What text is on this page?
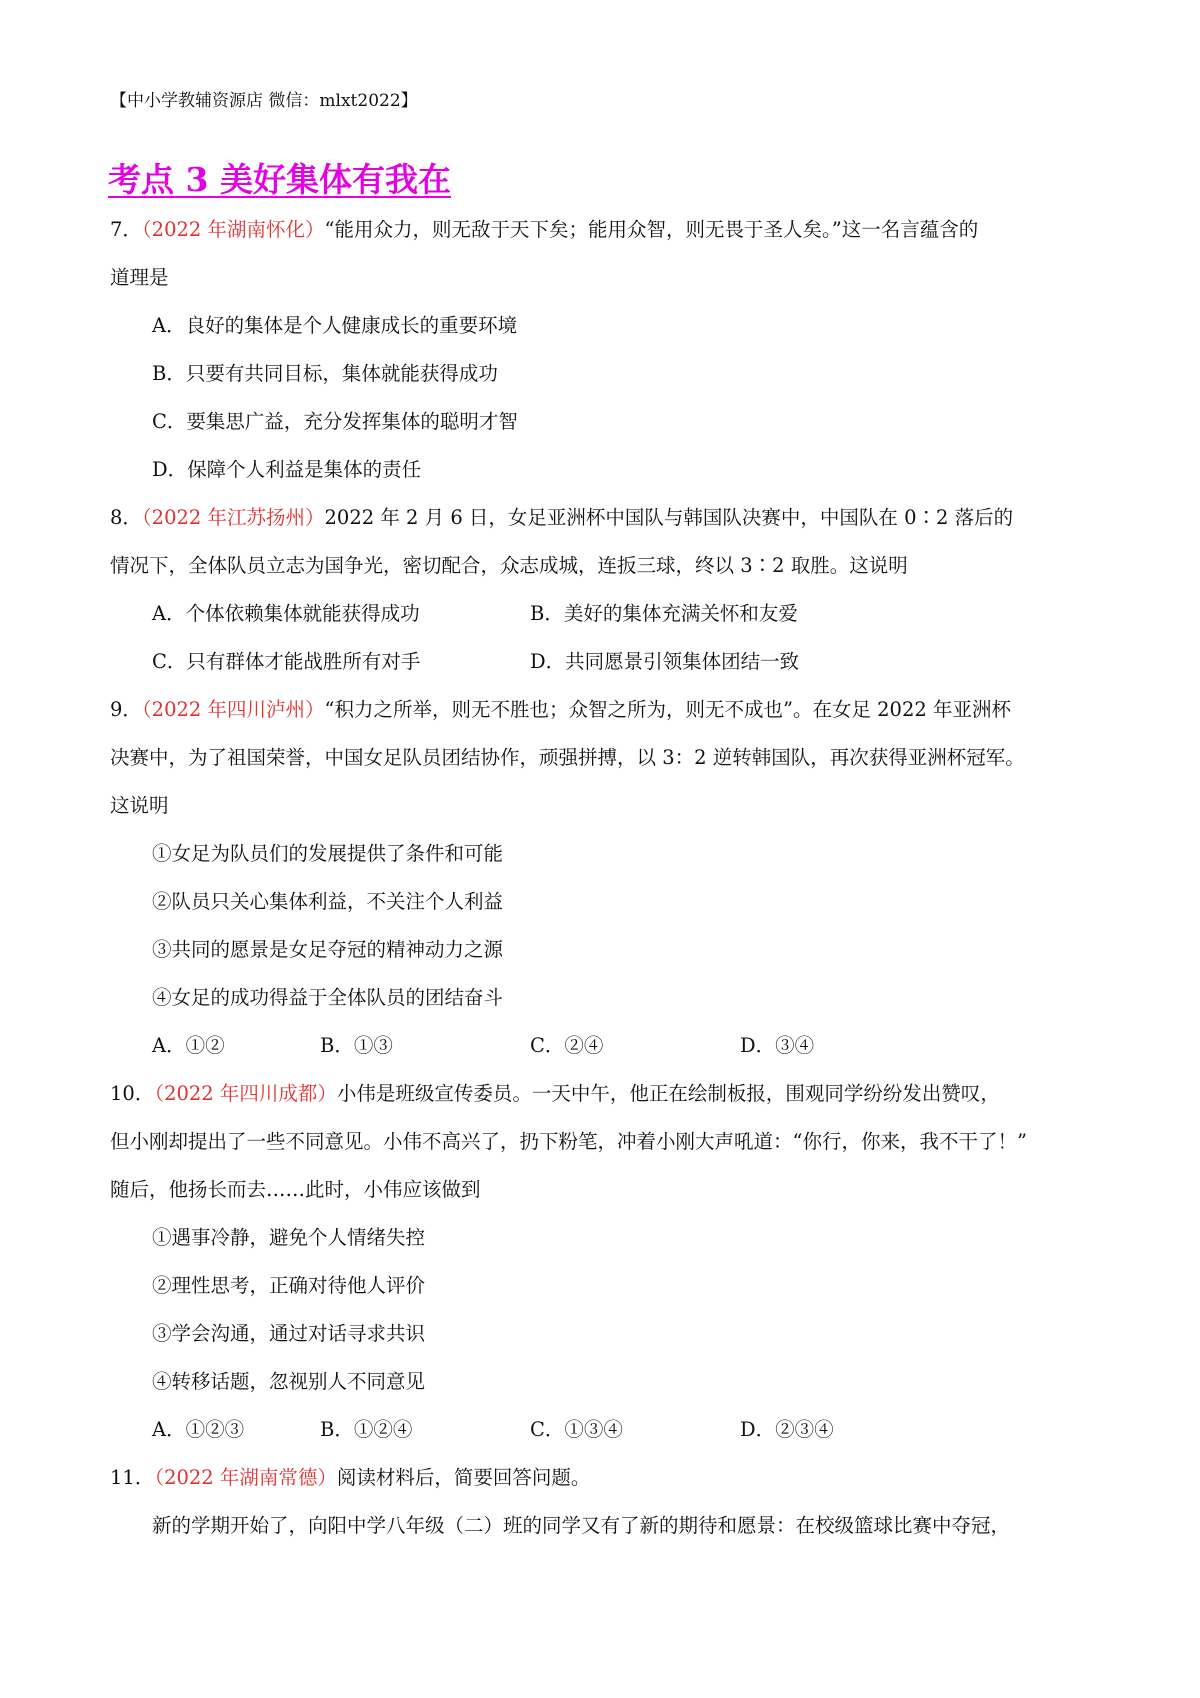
【中小学教辅资源店 微信：mlxt2022】
考点 3 美好集体有我在
7．（2022 年湖南怀化）“能用众力，则无敌于天下矣；能用众智，则无畏于圣人矣。”这一名言蕴含的
道理是
A．良好的集体是个人健康成长的重要环境
B．只要有共同目标，集体就能获得成功
C．要集思广益，充分发挥集体的聪明才智
D．保障个人利益是集体的责任
8．（2022 年江苏扬州）2022 年 2 月 6 日，女足亚洲杯中国队与韩国队决赛中，中国队在 0∶2 落后的
情况下，全体队员立志为国争光，密切配合，众志成城，连扳三球，终以 3∶2 取胜。这说明
A．个体依赖集体就能获得成功	B．美好的集体充满关怀和友爱
C．只有群体才能战胜所有对手	D．共同愿景引领集体团结一致
9．（2022 年四川泸州）“积力之所举，则无不胜也；众智之所为，则无不成也”。在女足 2022 年亚洲杯
决赛中，为了祖国荣誉，中国女足队员团结协作，顽强拼搏，以 3：2 逆转韩国队，再次获得亚洲杯冠军。
这说明
①女足为队员们的发展提供了条件和可能
②队员只关心集体利益，不关注个人利益
③共同的愿景是女足夺冠的精神动力之源
④女足的成功得益于全体队员的团结奋斗
A．①②	B．①③	C．②④	D．③④
10．（2022 年四川成都）小伟是班级宣传委员。一天中午，他正在绘制板报，围观同学纷纷发出赞叹，
但小刚却提出了一些不同意见。小伟不高兴了，扔下粉笔，冲着小刚大声吼道：“你行，你来，我不干了！”
随后，他扬长而去……此时，小伟应该做到
①遇事冷静，避免个人情绪失控
②理性思考，正确对待他人评价
③学会沟通，通过对话寻求共识
④转移话题，忽视别人不同意见
A．①②③	B．①②④	C．①③④	D．②③④
11．（2022 年湖南常德）阅读材料后，简要回答问题。
新的学期开始了，向阳中学八年级（二）班的同学又有了新的期待和愿景：在校级篮球比赛中夺冠，
